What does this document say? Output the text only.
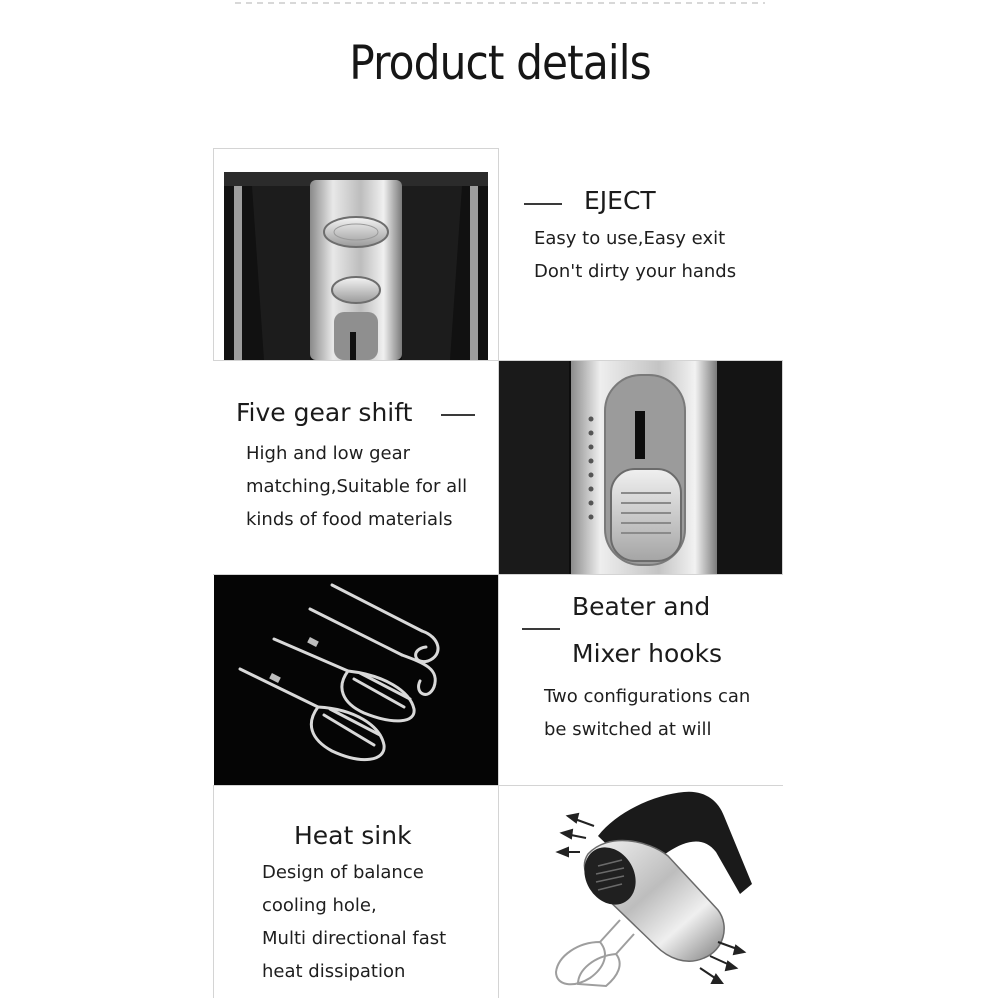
Product details
EJECT
Easy to use,Easy exit
Don't dirty your hands
Five gear shift
High and low gear
matching,Suitable for all
kinds of food materials
Beater and
Mixer hooks
Two configurations can
be switched at will
Heat sink
Design of balance
cooling hole,
Multi directional fast
heat dissipation
